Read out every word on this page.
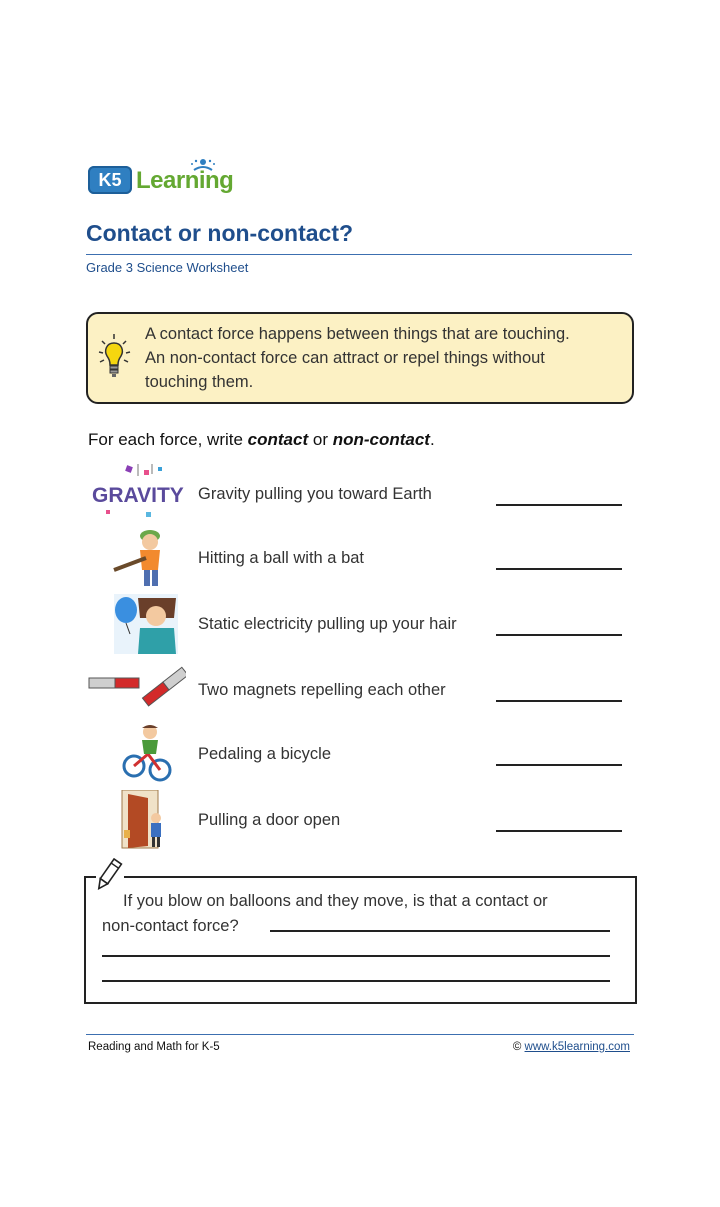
K5 Learning
Contact or non-contact?
Grade 3 Science Worksheet
A contact force happens between things that are touching.
An non-contact force can attract or repel things without
touching them.
For each force, write contact or non-contact.
GRAVITY Gravity pulling you toward Earth
Hitting a ball with a bat
Static electricity pulling up your hair
Two magnets repelling each other
Pedaling a bicycle
Pulling a door open
If you blow on balloons and they move, is that a contact or
non-contact force?
Reading and Math for K-5	© www.k5learning.com
